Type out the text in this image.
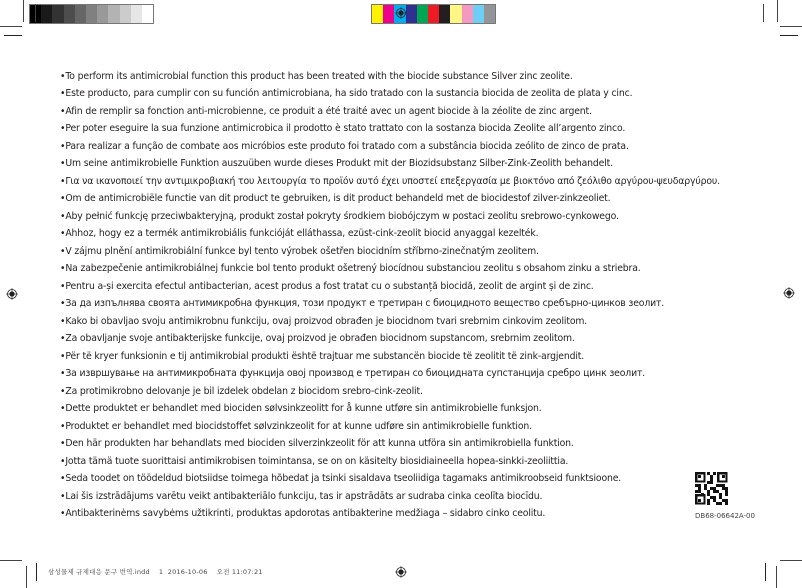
• To perform its antimicrobial function this product has been treated with the biocide substance Silver zinc zeolite.
• Este producto, para cumplir con su función antimicrobiana, ha sido tratado con la sustancia biocida de zeolita de plata y cinc.
• Afin de remplir sa fonction anti-microbienne, ce produit a été traité avec un agent biocide à la zéolite de zinc argent.
• Per poter eseguire la sua funzione antimicrobica il prodotto è stato trattato con la sostanza biocida Zeolite all’argento zinco.
• Para realizar a função de combate aos micróbios este produto foi tratado com a substância biocida zeólito de zinco de prata.
• Um seine antimikrobielle Funktion auszuüben wurde dieses Produkt mit der Biozidsubstanz Silber-Zink-Zeolith behandelt.
• Για να ικανοποιεί την αντιμικροβιακή του λειτουργία το προϊόν αυτό έχει υποστεί επεξεργασία με βιοκτόνο από ζεόλιθο αργύρου-ψευδαργύρου.
• Om de antimicrobiële functie van dit product te gebruiken, is dit product behandeld met de biocidestof zilver-zinkzeoliet.
• Aby pełnić funkcję przeciwbakteryjną, produkt został pokryty środkiem biobójczym w postaci zeolitu srebrowo-cynkowego.
• Ahhoz, hogy ez a termék antimikrobiális funkcióját elláthassa, ezüst-cink-zeolit biocid anyaggal kezelték.
• V zájmu plnění antimikrobiální funkce byl tento výrobek ošetřen biocidním stříbrno-zinečnatým zeolitem.
• Na zabezpečenie antimikrobiálnej funkcie bol tento produkt ošetrený biocídnou substanciou zeolitu s obsahom zinku a striebra.
• Pentru a-și exercita efectul antibacterian, acest produs a fost tratat cu o substanță biocidă, zeolit de argint și de zinc.
• За да изпълнява своята антимикробна функция, този продукт е третиран с биоцидното вещество сребърно-цинков зеолит.
• Kako bi obavljao svoju antimikrobnu funkciju, ovaj proizvod obrađen je biocidnom tvari srebrnim cinkovim zeolitom.
• Za obavljanje svoje antibakterijske funkcije, ovaj proizvod je obrađen biocidnom supstancom, srebrnim zeolitom.
• Për të kryer funksionin e tij antimikrobial produkti është trajtuar me substancën biocide të zeolitit të zink-argjendit.
• За извршување на антимикробната функција овој производ е третиран со биоцидната супстанција сребро цинк зеолит.
• Za protimikrobno delovanje je bil izdelek obdelan z biocidom srebro-cink-zeolit.
• Dette produktet er behandlet med biociden sølvsinkzeolitt for å kunne utføre sin antimikrobielle funksjon.
• Produktet er behandlet med biocidstoffet sølvzinkzeolit for at kunne udføre sin antimikrobielle funktion.
• Den här produkten har behandlats med biociden silverzinkzeolit för att kunna utföra sin antimikrobiella funktion.
• Jotta tämä tuote suorittaisi antimikrobisen toimintansa, se on on käsitelty biosidiaineella hopea-sinkki-zeoliittia.
• Seda toodet on töödeldud biotsiidse toimega hõbedat ja tsinki sisaldava tseoliidiga tagamaks antimikroobseid funktsioone.
• Lai šis izstrādājums varētu veikt antibakteriālo funkciju, tas ir apstrādāts ar sudraba cinka ceolīta biocīdu.
• Antibakterinėms savybėms užtikrinti, produktas apdorotas antibakterine medžiaga – sidabro cinko ceolitu.	DB68-06642A-00
삼성물제 규제대응 문구 번역.indd 1 2016-10-06 오전 11:07:21
